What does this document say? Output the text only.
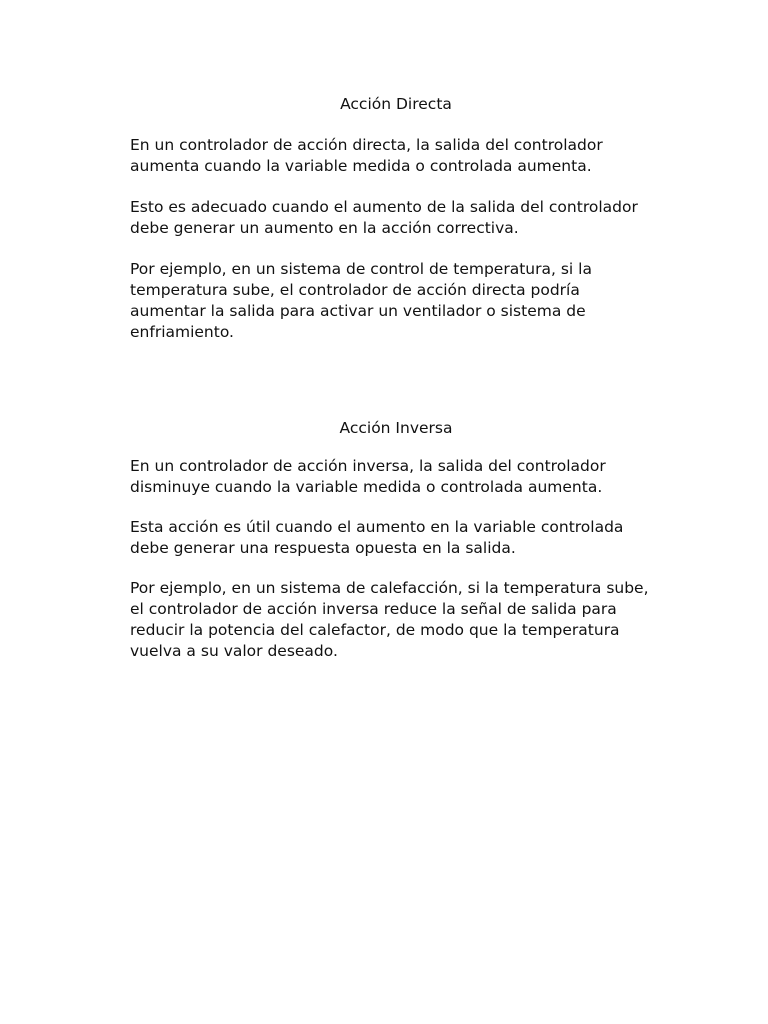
Acción Directa

En un controlador de acción directa, la salida del controlador aumenta cuando la variable medida o controlada aumenta.

Esto es adecuado cuando el aumento de la salida del controlador debe generar un aumento en la acción correctiva.

Por ejemplo, en un sistema de control de temperatura, si la temperatura sube, el controlador de acción directa podría aumentar la salida para activar un ventilador o sistema de enfriamiento.

Acción Inversa

En un controlador de acción inversa, la salida del controlador disminuye cuando la variable medida o controlada aumenta.

Esta acción es útil cuando el aumento en la variable controlada debe generar una respuesta opuesta en la salida.

Por ejemplo, en un sistema de calefacción, si la temperatura sube, el controlador de acción inversa reduce la señal de salida para reducir la potencia del calefactor, de modo que la temperatura vuelva a su valor deseado.
